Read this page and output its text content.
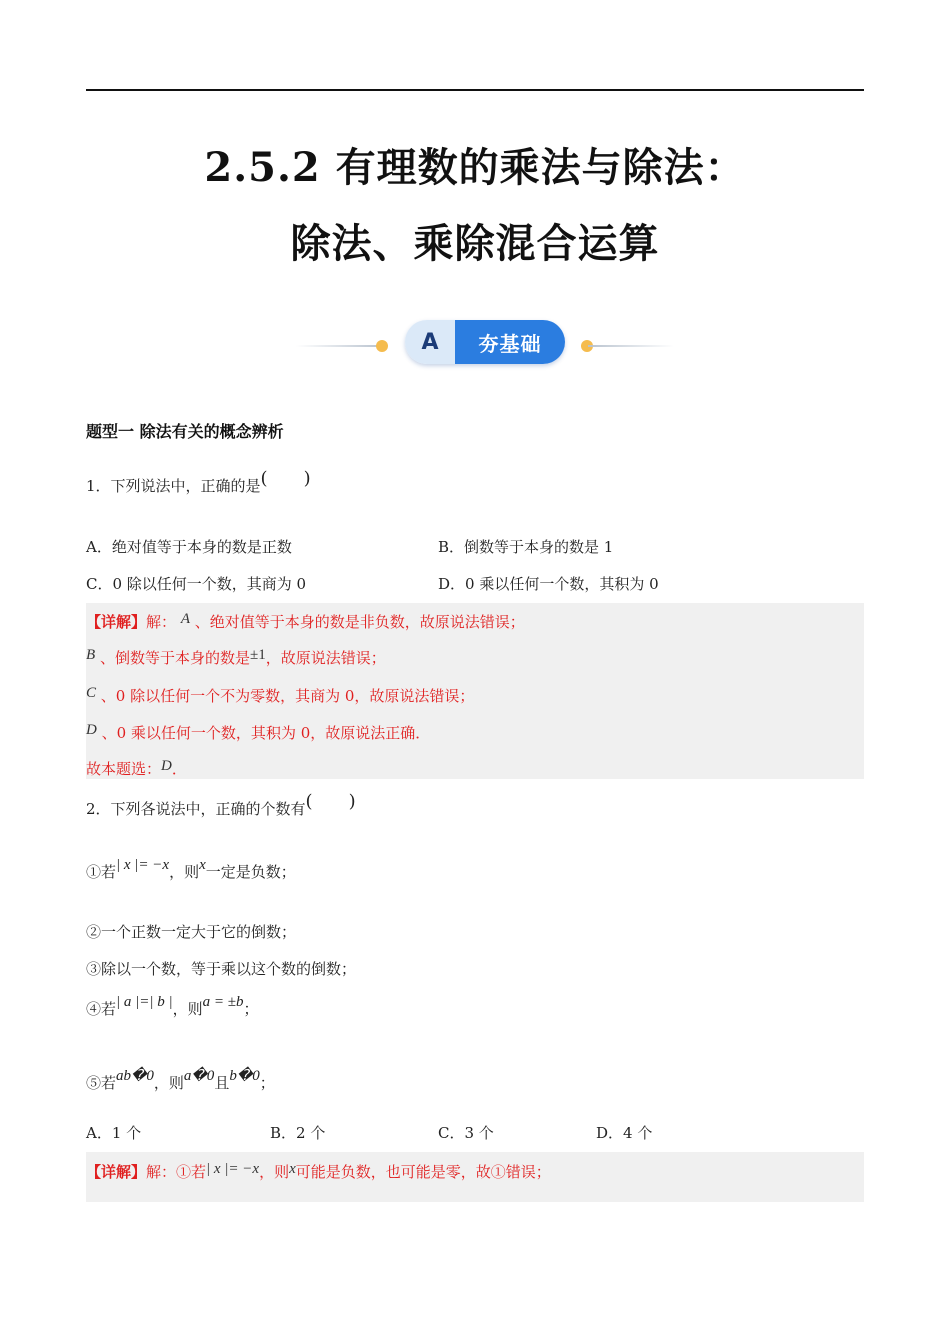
2.5.2 有理数的乘法与除法：
除法、乘除混合运算
A	夯基础
题型一 除法有关的概念辨析
1．下列说法中，正确的是( )
A．绝对值等于本身的数是正数	B．倒数等于本身的数是 1
C．0 除以任何一个数，其商为 0	D．0 乘以任何一个数，其积为 0
【详解】解： A 、绝对值等于本身的数是非负数，故原说法错误；
B 、倒数等于本身的数是±1，故原说法错误；
C 、0 除以任何一个不为零数，其商为 0，故原说法错误；
D 、0 乘以任何一个数，其积为 0，故原说法正确．
故本题选：D．
2．下列各说法中，正确的个数有( )
①若| x |= −x，则x一定是负数；
②一个正数一定大于它的倒数；
③除以一个数，等于乘以这个数的倒数；
④若| a |=| b |，则a = ±b；
⑤若ab�0，则a�0且b�0；
A．1 个	B．2 个	C．3 个	D．4 个
【详解】解：①若| x |= −x，则x可能是负数，也可能是零，故①错误；
